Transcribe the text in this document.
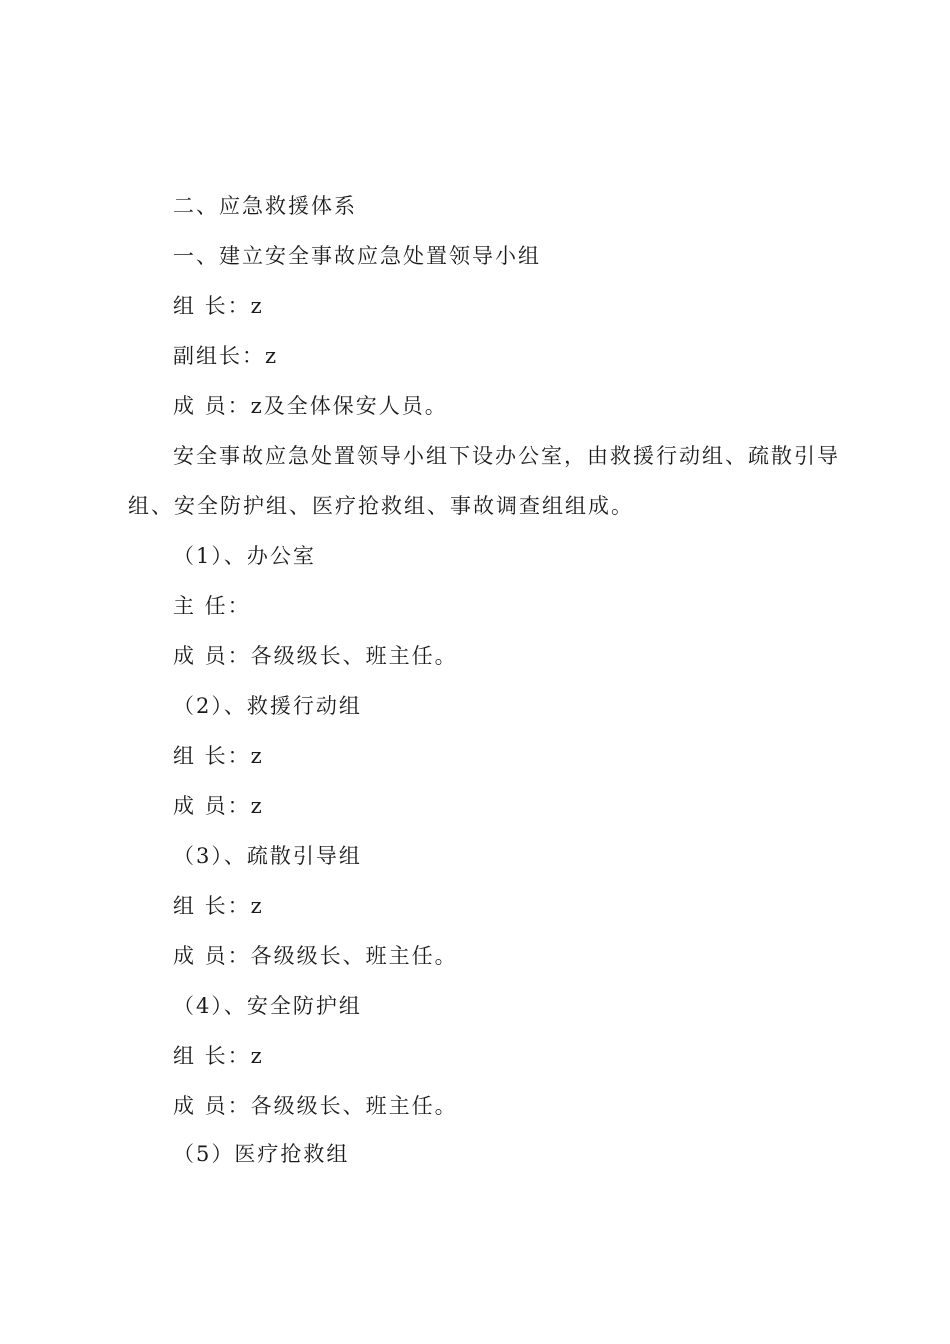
二、应急救援体系
一、建立安全事故应急处置领导小组
组 长：z
副组长：z
成 员：z及全体保安人员。
安全事故应急处置领导小组下设办公室，由救援行动组、疏散引导
组、安全防护组、医疗抢救组、事故调查组组成。
（1）、办公室
主 任：
成 员：各级级长、班主任。
（2）、救援行动组
组 长：z
成 员：z
（3）、疏散引导组
组 长：z
成 员：各级级长、班主任。
（4）、安全防护组
组 长：z
成 员：各级级长、班主任。
（5）医疗抢救组
